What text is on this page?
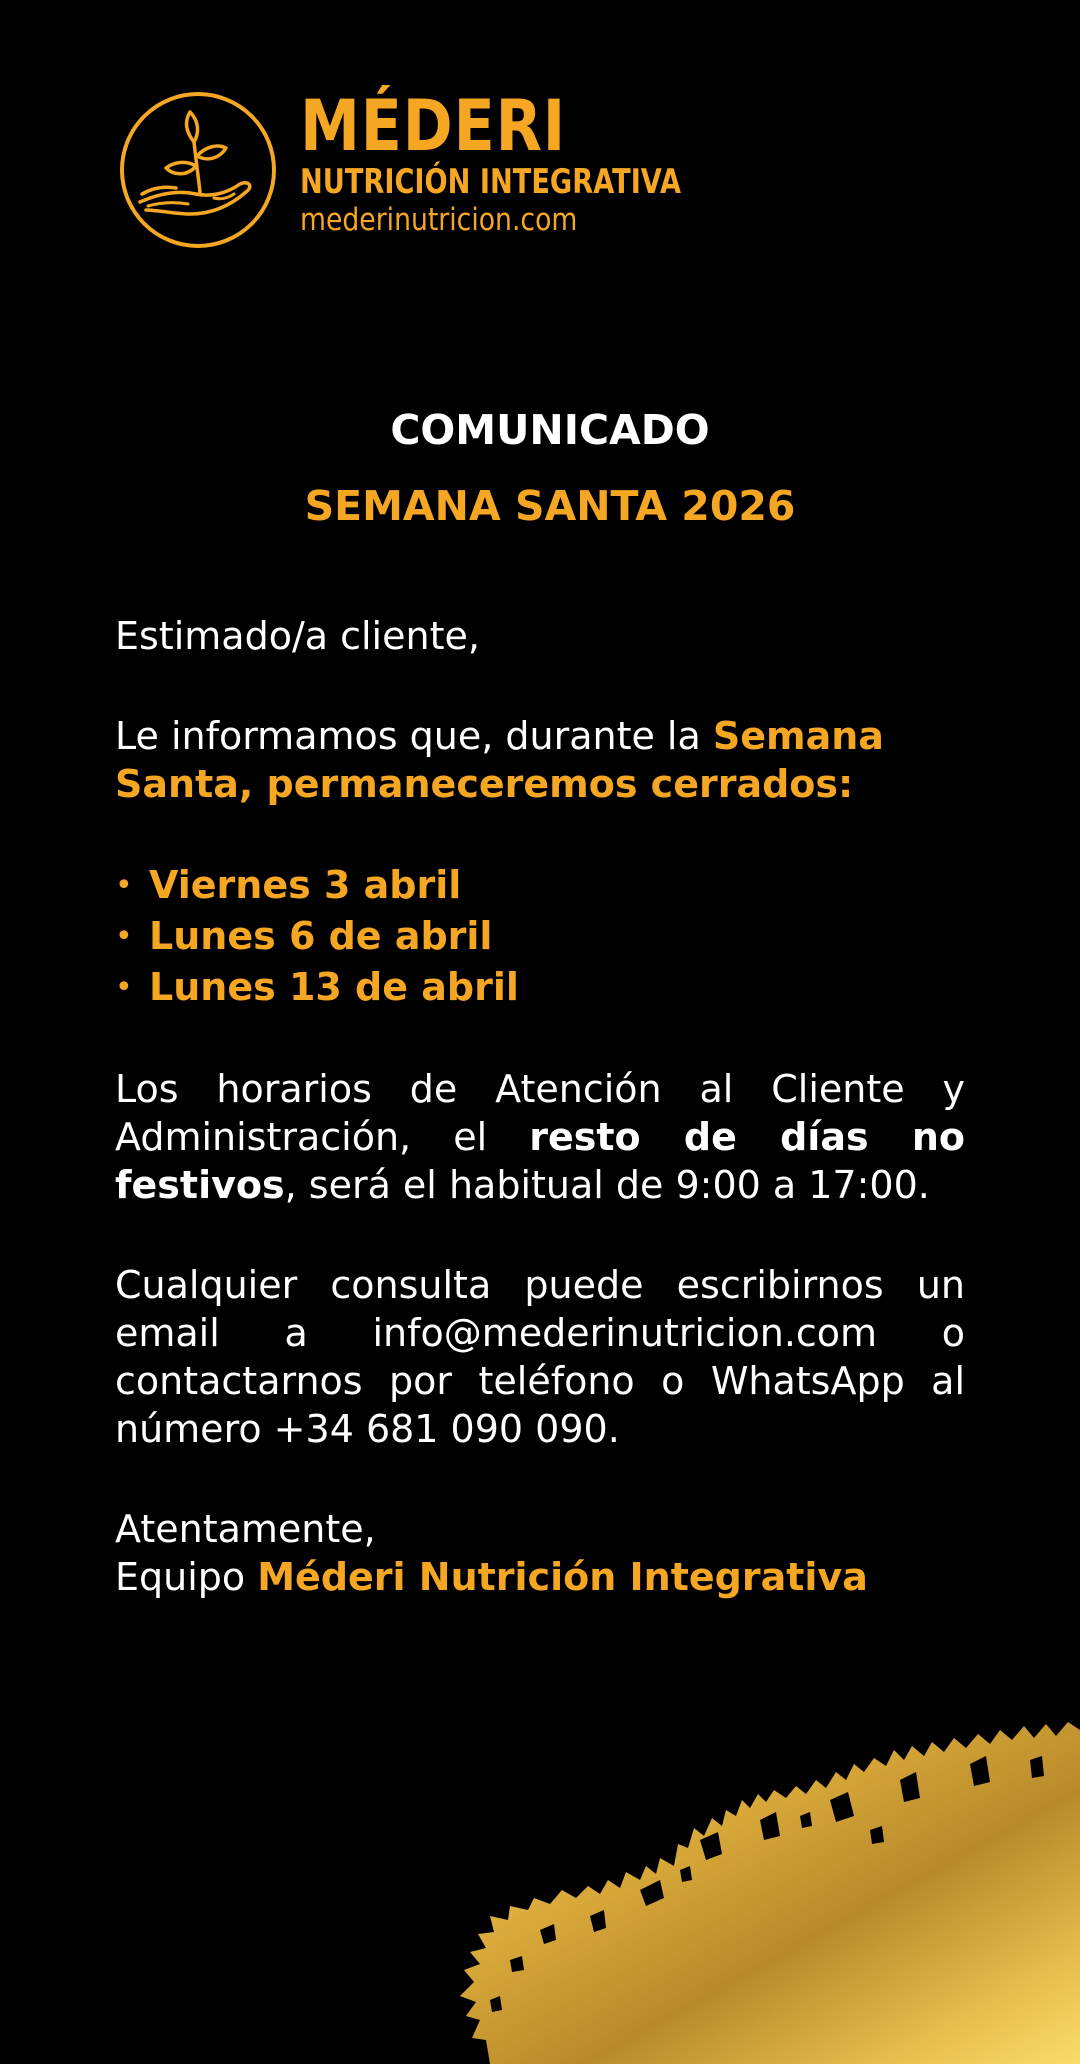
MÉDERI
NUTRICIÓN INTEGRATIVA
mederinutricion.com
COMUNICADO
SEMANA SANTA 2026

Estimado/a cliente,

Le informamos que, durante la Semana Santa, permaneceremos cerrados:

• Viernes 3 abril
• Lunes 6 de abril
• Lunes 13 de abril

Los horarios de Atención al Cliente y Administración, el resto de días no festivos, será el habitual de 9:00 a 17:00.

Cualquier consulta puede escribirnos un email a info@mederinutricion.com o contactarnos por teléfono o WhatsApp al número +34 681 090 090.

Atentamente,

Equipo Méderi Nutrición Integrativa
